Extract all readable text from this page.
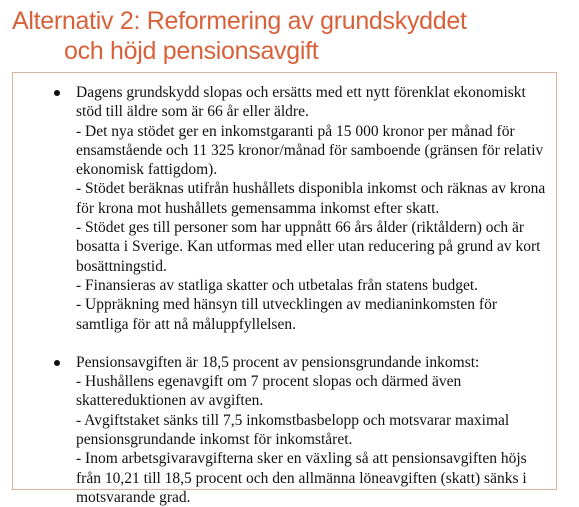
Alternativ 2: Reformering av grundskyddet
och höjd pensionsavgift
Dagens grundskydd slopas och ersätts med ett nytt förenklat ekonomiskt
stöd till äldre som är 66 år eller äldre.
- Det nya stödet ger en inkomstgaranti på 15 000 kronor per månad för
ensamstående och 11 325 kronor/månad för samboende (gränsen för relativ
ekonomisk fattigdom).
- Stödet beräknas utifrån hushållets disponibla inkomst och räknas av krona
för krona mot hushållets gemensamma inkomst efter skatt.
- Stödet ges till personer som har uppnått 66 års ålder (riktåldern) och är
bosatta i Sverige. Kan utformas med eller utan reducering på grund av kort
bosättningstid.
- Finansieras av statliga skatter och utbetalas från statens budget.
- Uppräkning med hänsyn till utvecklingen av medianinkomsten för
samtliga för att nå måluppfyllelsen.
Pensionsavgiften är 18,5 procent av pensionsgrundande inkomst:
- Hushållens egenavgift om 7 procent slopas och därmed även
skattereduktionen av avgiften.
- Avgiftstaket sänks till 7,5 inkomstbasbelopp och motsvarar maximal
pensionsgrundande inkomst för inkomståret.
- Inom arbetsgivaravgifterna sker en växling så att pensionsavgiften höjs
från 10,21 till 18,5 procent och den allmänna löneavgiften (skatt) sänks i
motsvarande grad.
